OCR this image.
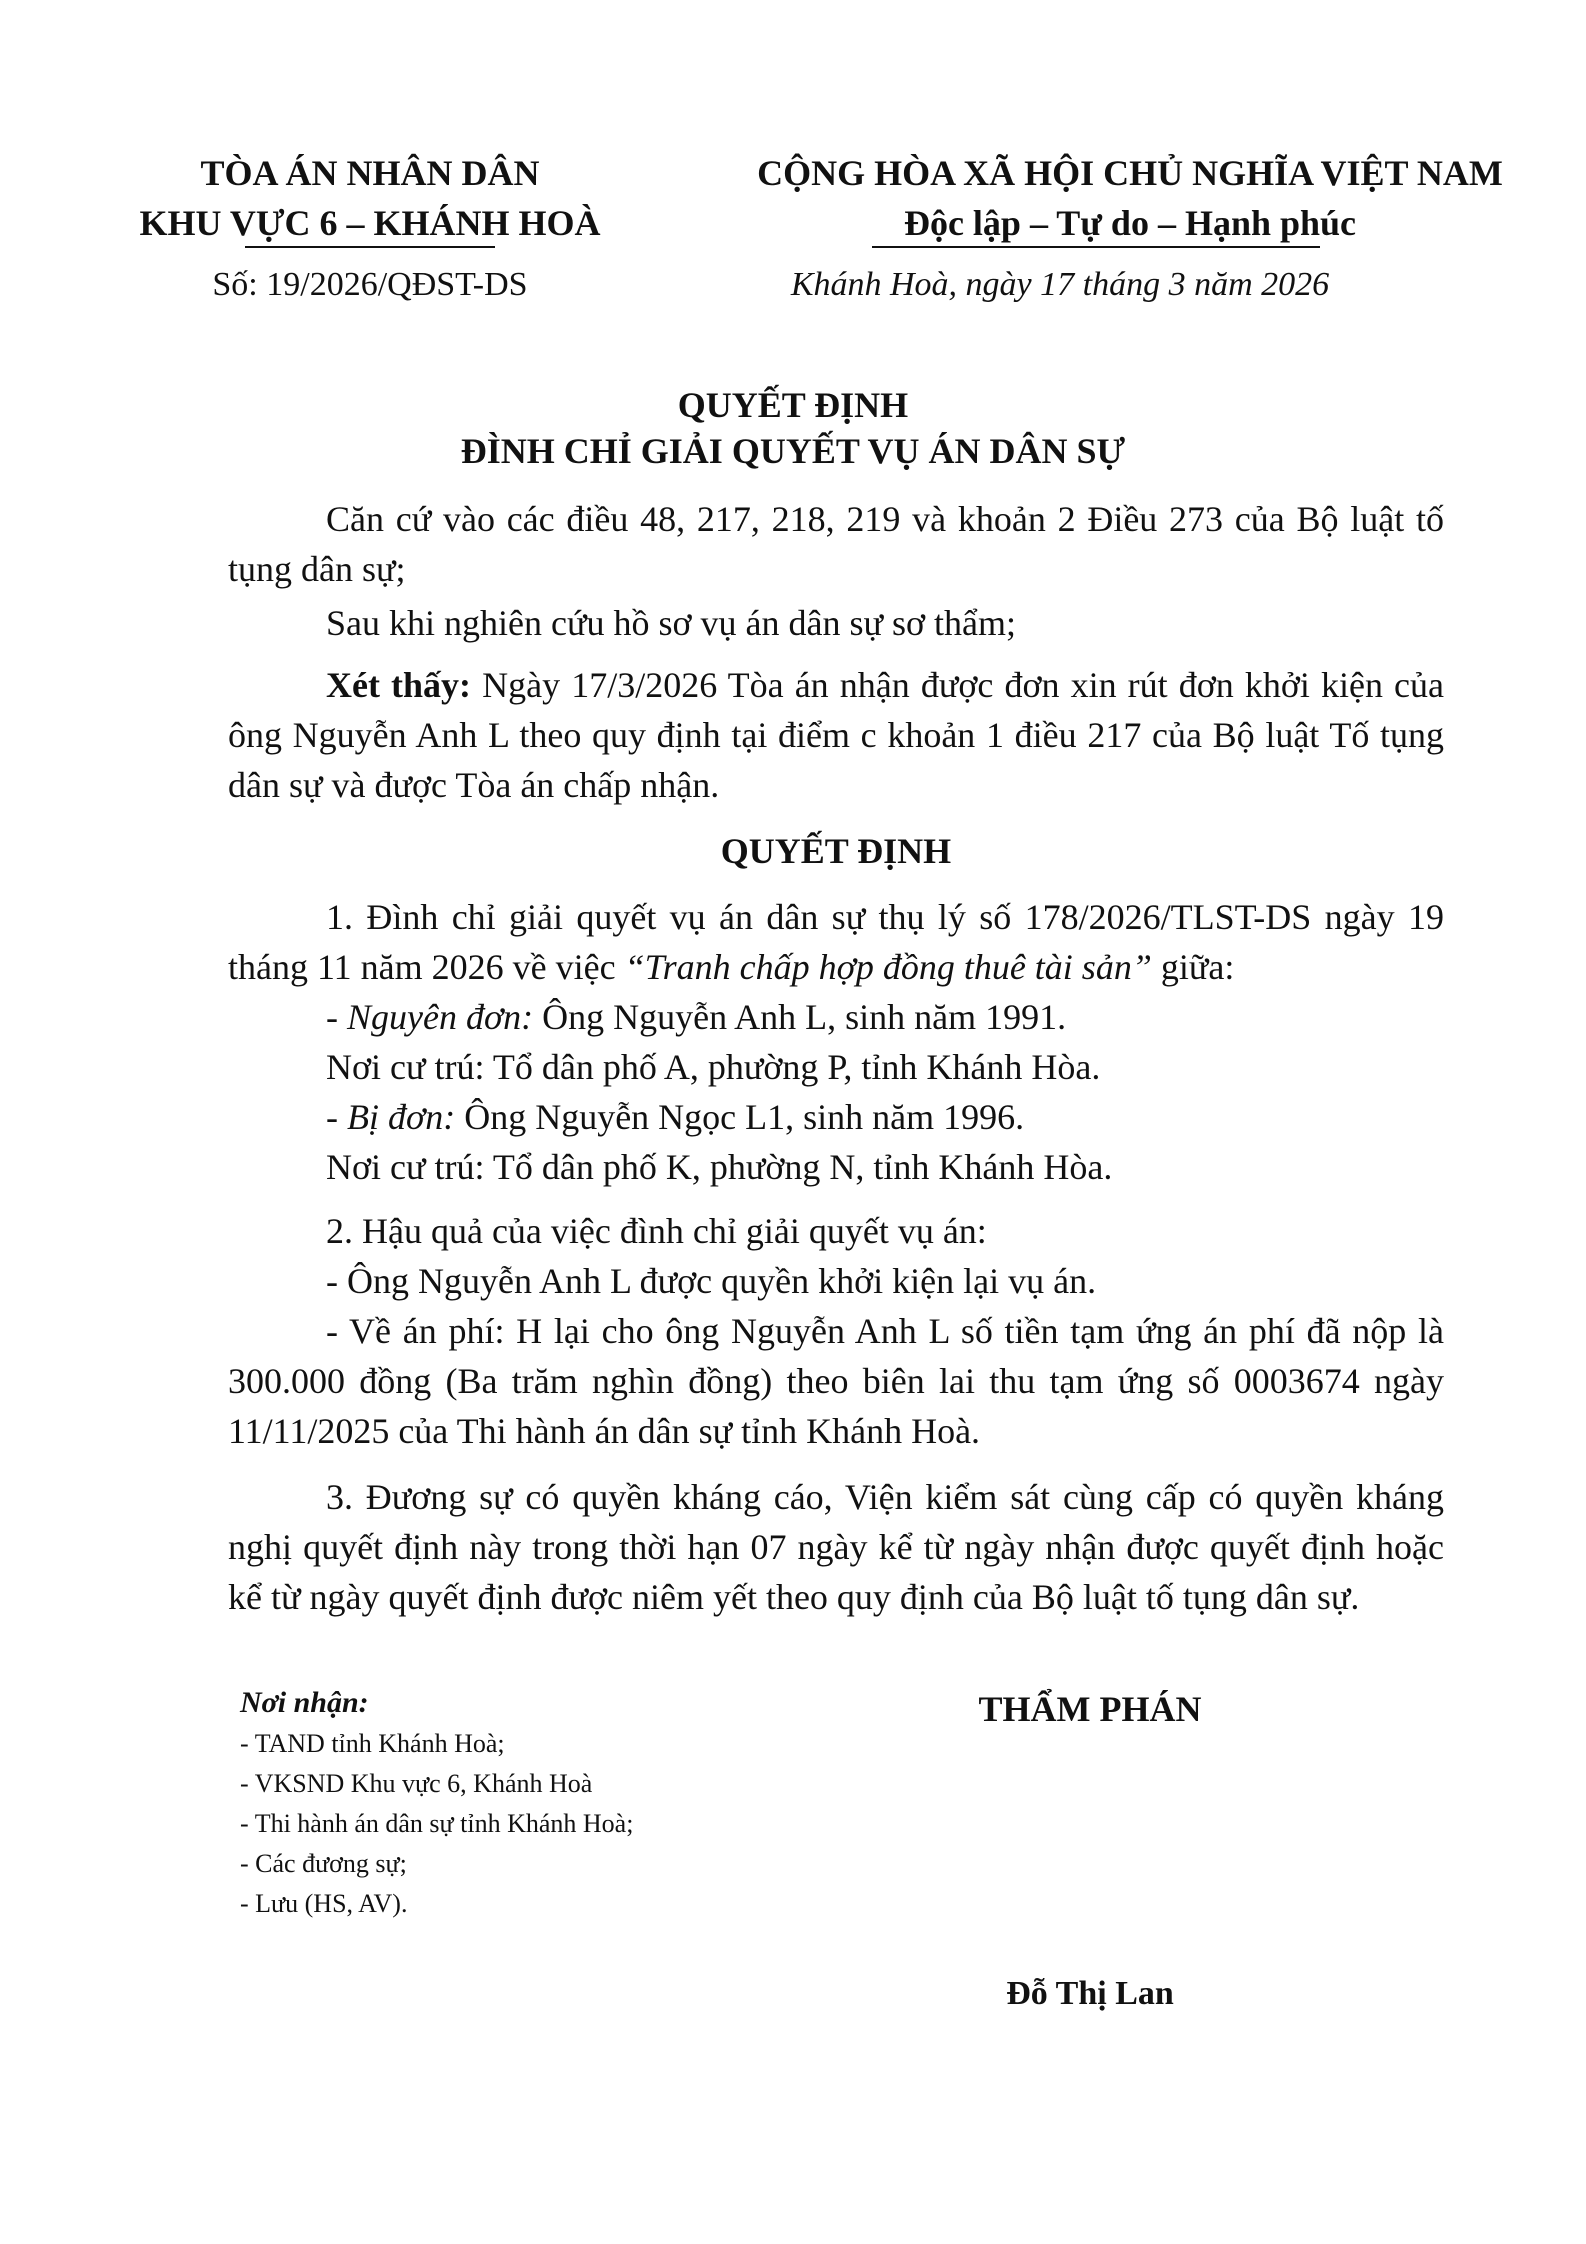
TÒA ÁN NHÂN DÂN
KHU VỰC 6 – KHÁNH HOÀ
Số: 19/2026/QĐST-DS
CỘNG HÒA XÃ HỘI CHỦ NGHĨA VIỆT NAM
Độc lập – Tự do – Hạnh phúc
Khánh Hoà, ngày 17 tháng 3 năm 2026
QUYẾT ĐỊNH
ĐÌNH CHỈ GIẢI QUYẾT VỤ ÁN DÂN SỰ
Căn cứ vào các điều 48, 217, 218, 219 và khoản 2 Điều 273 của Bộ luật tố tụng dân sự;
Sau khi nghiên cứu hồ sơ vụ án dân sự sơ thẩm;
Xét thấy: Ngày 17/3/2026 Tòa án nhận được đơn xin rút đơn khởi kiện của ông Nguyễn Anh L theo quy định tại điểm c khoản 1 điều 217 của Bộ luật Tố tụng dân sự và được Tòa án chấp nhận.
QUYẾT ĐỊNH
1. Đình chỉ giải quyết vụ án dân sự thụ lý số 178/2026/TLST-DS ngày 19 tháng 11 năm 2026 về việc “Tranh chấp hợp đồng thuê tài sản” giữa:
- Nguyên đơn: Ông Nguyễn Anh L, sinh năm 1991.
Nơi cư trú: Tổ dân phố A, phường P, tỉnh Khánh Hòa.
- Bị đơn: Ông Nguyễn Ngọc L1, sinh năm 1996.
Nơi cư trú: Tổ dân phố K, phường N, tỉnh Khánh Hòa.
2. Hậu quả của việc đình chỉ giải quyết vụ án:
- Ông Nguyễn Anh L được quyền khởi kiện lại vụ án.
- Về án phí: H lại cho ông Nguyễn Anh L số tiền tạm ứng án phí đã nộp là 300.000 đồng (Ba trăm nghìn đồng) theo biên lai thu tạm ứng số 0003674 ngày 11/11/2025 của Thi hành án dân sự tỉnh Khánh Hoà.
3. Đương sự có quyền kháng cáo, Viện kiểm sát cùng cấp có quyền kháng nghị quyết định này trong thời hạn 07 ngày kể từ ngày nhận được quyết định hoặc kể từ ngày quyết định được niêm yết theo quy định của Bộ luật tố tụng dân sự.
Nơi nhận:
- TAND tỉnh Khánh Hoà;
- VKSND Khu vực 6, Khánh Hoà
- Thi hành án dân sự tỉnh Khánh Hoà;
- Các đương sự;
- Lưu (HS, AV).
THẨM PHÁN
Đỗ Thị Lan
